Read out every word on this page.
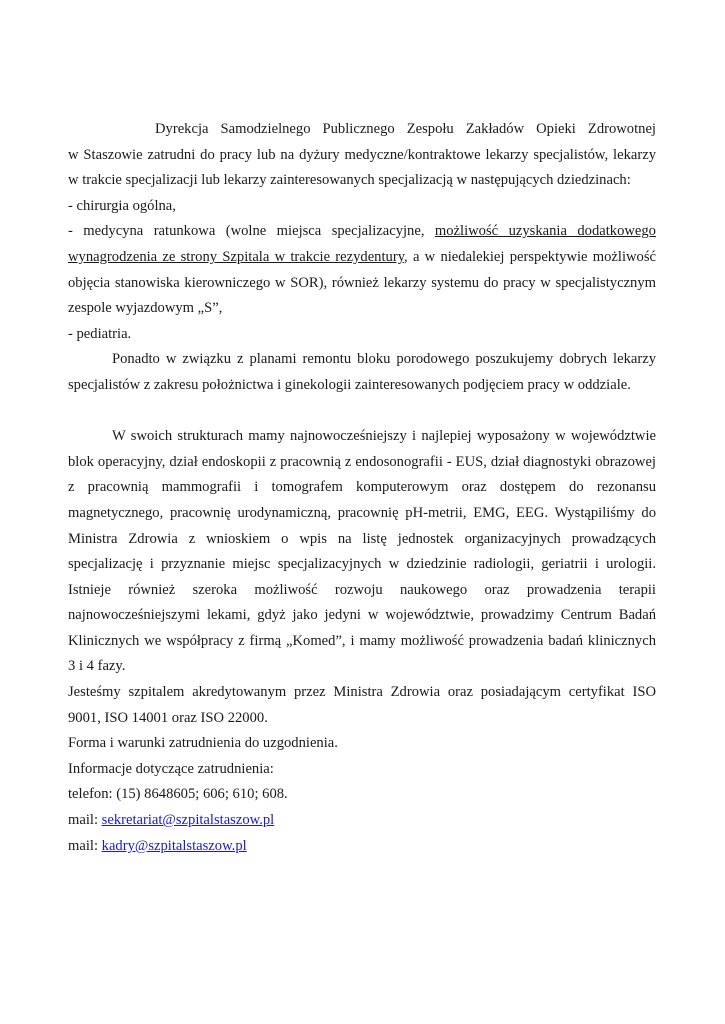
Dyrekcja Samodzielnego Publicznego Zespołu Zakładów Opieki Zdrowotnej
w Staszowie zatrudni do pracy lub na dyżury medyczne/kontraktowe lekarzy specjalistów, lekarzy
w trakcie specjalizacji lub lekarzy zainteresowanych specjalizacją w następujących dziedzinach:
- chirurgia ogólna,
- medycyna ratunkowa (wolne miejsca specjalizacyjne, możliwość uzyskania dodatkowego
wynagrodzenia ze strony Szpitala w trakcie rezydentury, a w niedalekiej perspektywie możliwość
objęcia stanowiska kierowniczego w SOR), również lekarzy systemu do pracy w specjalistycznym
zespole wyjazdowym „S”,
- pediatria.
Ponadto w związku z planami remontu bloku porodowego poszukujemy dobrych lekarzy
specjalistów z zakresu położnictwa i ginekologii zainteresowanych podjęciem pracy w oddziale.
W swoich strukturach mamy najnowocześniejszy i najlepiej wyposażony w województwie
blok operacyjny, dział endoskopii z pracownią z endosonografii - EUS, dział diagnostyki obrazowej
z pracownią mammografii i tomografem komputerowym oraz dostępem do rezonansu
magnetycznego, pracownię urodynamiczną, pracownię pH-metrii, EMG, EEG. Wystąpiliśmy do
Ministra Zdrowia z wnioskiem o wpis na listę jednostek organizacyjnych prowadzących
specjalizację i przyznanie miejsc specjalizacyjnych w dziedzinie radiologii, geriatrii i urologii.
Istnieje również szeroka możliwość rozwoju naukowego oraz prowadzenia terapii
najnowocześniejszymi lekami, gdyż jako jedyni w województwie, prowadzimy Centrum Badań
Klinicznych we współpracy z firmą „Komed”, i mamy możliwość prowadzenia badań klinicznych
3 i 4 fazy.
Jesteśmy szpitalem akredytowanym przez Ministra Zdrowia oraz posiadającym certyfikat ISO
9001, ISO 14001 oraz ISO 22000.
Forma i warunki zatrudnienia do uzgodnienia.
Informacje dotyczące zatrudnienia:
telefon: (15) 8648605; 606; 610; 608.
mail: sekretariat@szpitalstaszow.pl
mail: kadry@szpitalstaszow.pl
